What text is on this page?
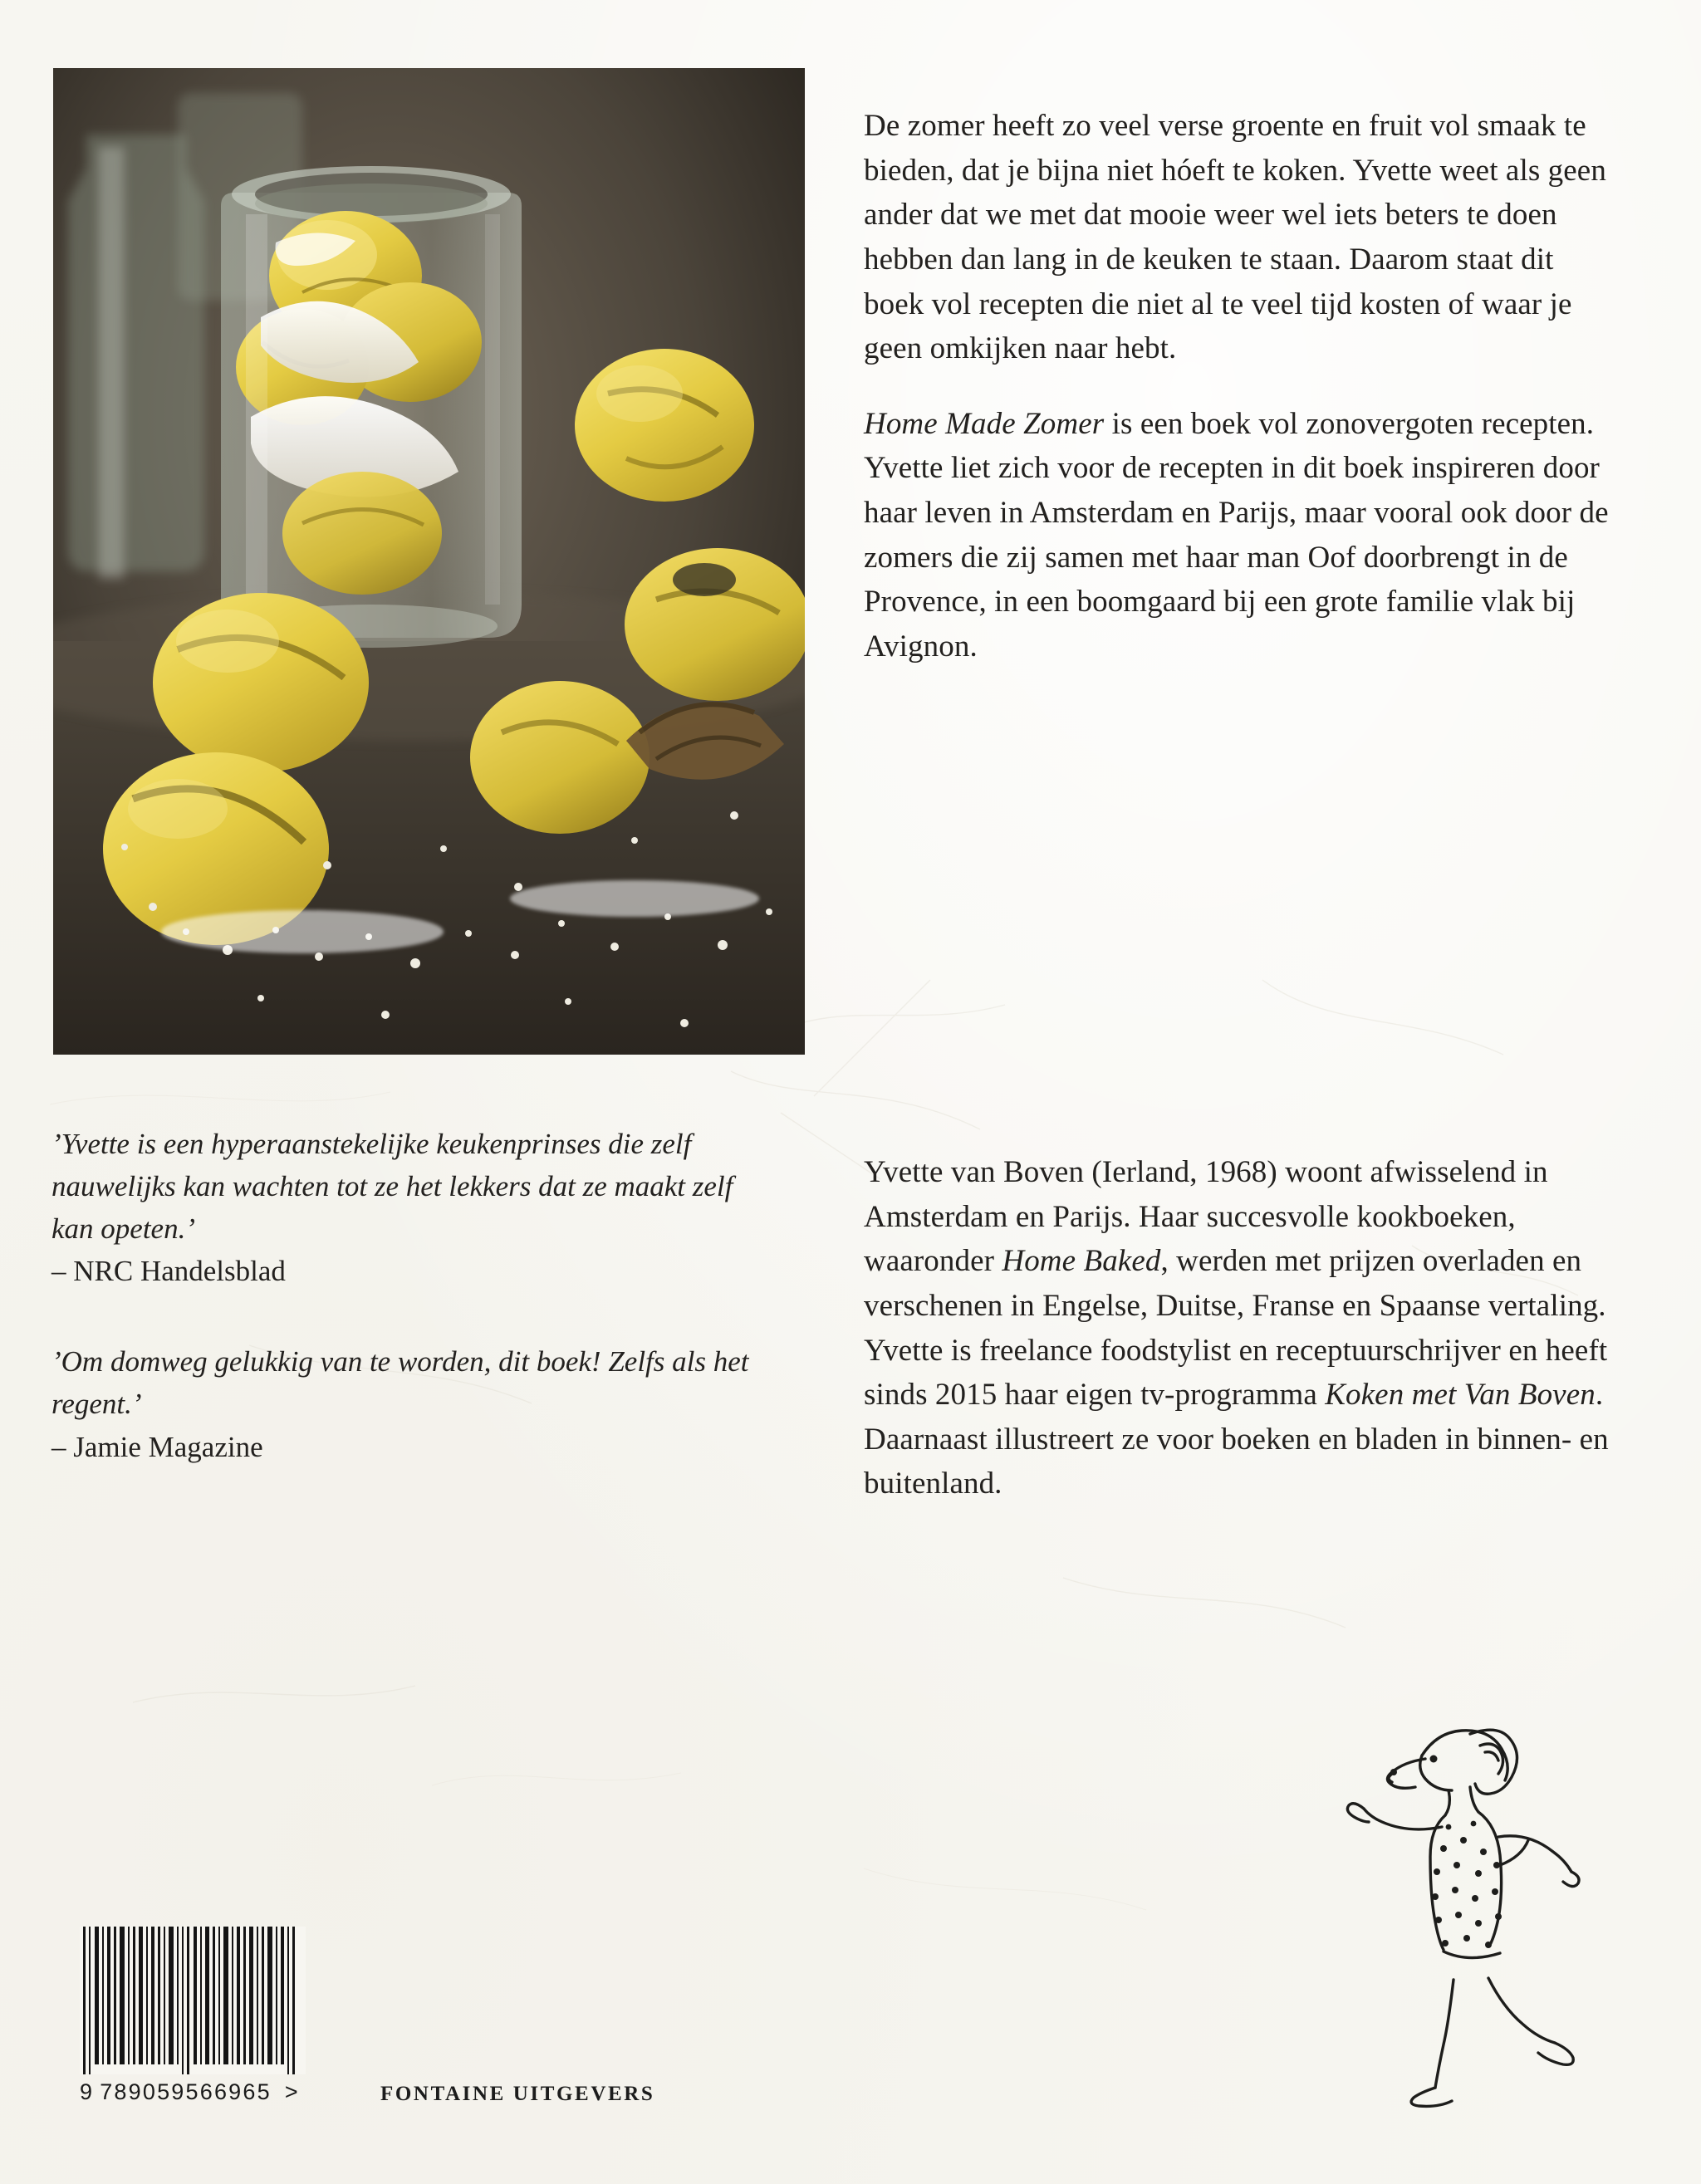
De zomer heeft zo veel verse groente en fruit vol smaak te bieden, dat je bijna niet hóeft te koken. Yvette weet als geen ander dat we met dat mooie weer wel iets beters te doen hebben dan lang in de keuken te staan. Daarom staat dit boek vol recepten die niet al te veel tijd kosten of waar je geen omkijken naar hebt.

Home Made Zomer is een boek vol zonovergoten recepten. Yvette liet zich voor de recepten in dit boek inspireren door haar leven in Amsterdam en Parijs, maar vooral ook door de zomers die zij samen met haar man Oof doorbrengt in de Provence, in een boomgaard bij een grote familie vlak bij Avignon.

’Yvette is een hyperaanstekelijke keukenprinses die zelf nauwelijks kan wachten tot ze het lekkers dat ze maakt zelf kan opeten.’
– NRC Handelsblad
’Om domweg gelukkig van te worden, dit boek! Zelfs als het regent.’
– Jamie Magazine

Yvette van Boven (Ierland, 1968) woont afwisselend in Amsterdam en Parijs. Haar succesvolle kookboeken, waaronder Home Baked, werden met prijzen overladen en verschenen in Engelse, Duitse, Franse en Spaanse vertaling. Yvette is freelance foodstylist en receptuurschrijver en heeft sinds 2015 haar eigen tv-programma Koken met Van Boven. Daarnaast illustreert ze voor boeken en bladen in binnen- en buitenland.

9 789059566965 >	FONTAINE UITGEVERS
